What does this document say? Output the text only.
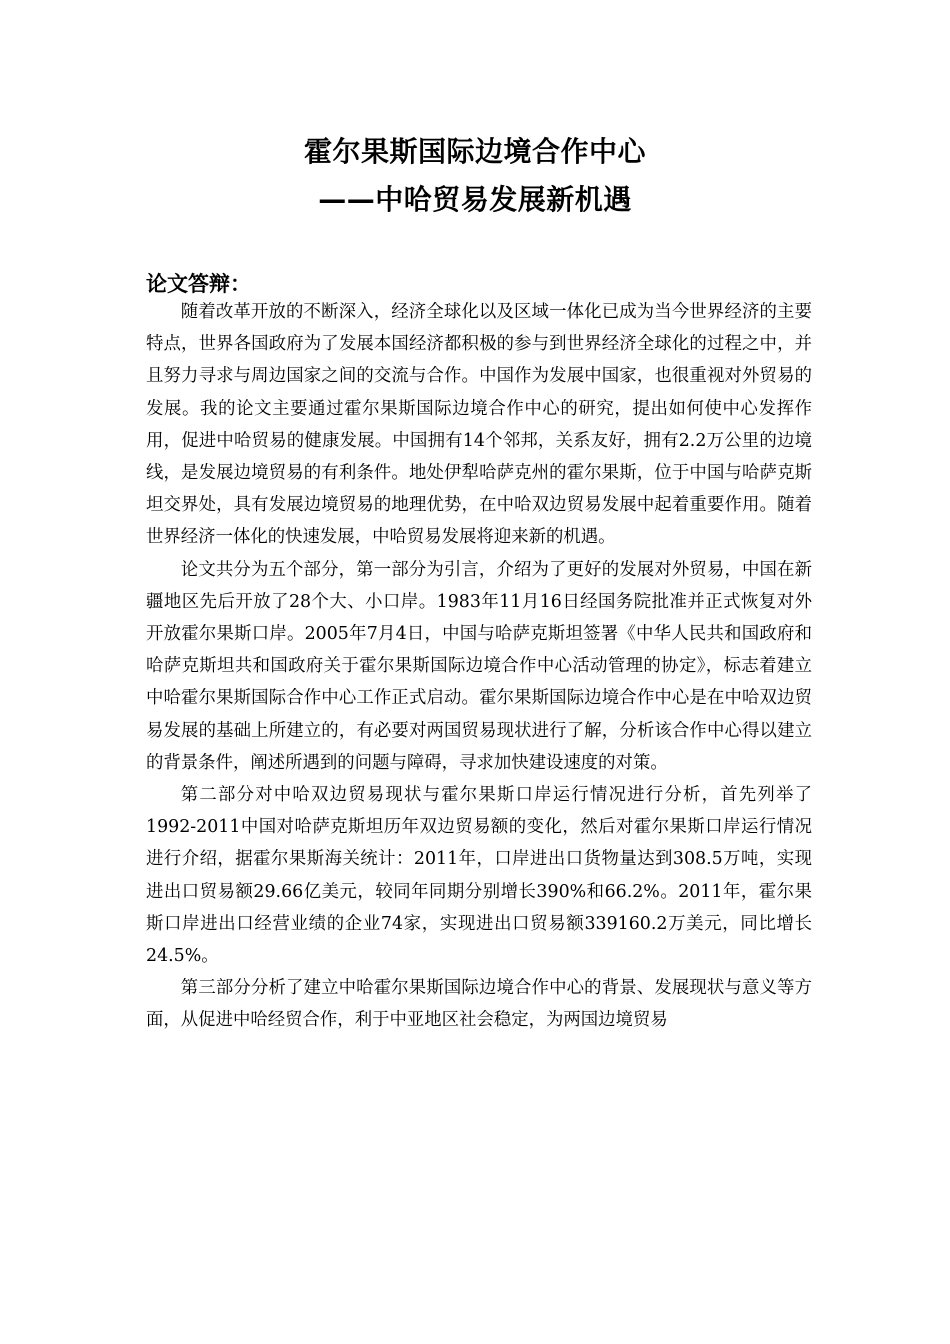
霍尔果斯国际边境合作中心
——中哈贸易发展新机遇
论文答辩：

随着改革开放的不断深入，经济全球化以及区域一体化已成为当今世界经济的主要特点，世界各国政府为了发展本国经济都积极的参与到世界经济全球化的过程之中，并且努力寻求与周边国家之间的交流与合作。中国作为发展中国家，也很重视对外贸易的发展。我的论文主要通过霍尔果斯国际边境合作中心的研究，提出如何使中心发挥作用，促进中哈贸易的健康发展。中国拥有14个邻邦，关系友好，拥有2.2万公里的边境线，是发展边境贸易的有利条件。地处伊犁哈萨克州的霍尔果斯，位于中国与哈萨克斯坦交界处，具有发展边境贸易的地理优势，在中哈双边贸易发展中起着重要作用。随着世界经济一体化的快速发展，中哈贸易发展将迎来新的机遇。

论文共分为五个部分，第一部分为引言，介绍为了更好的发展对外贸易，中国在新疆地区先后开放了28个大、小口岸。1983年11月16日经国务院批准并正式恢复对外开放霍尔果斯口岸。2005年7月4日，中国与哈萨克斯坦签署《中华人民共和国政府和哈萨克斯坦共和国政府关于霍尔果斯国际边境合作中心活动管理的协定》，标志着建立中哈霍尔果斯国际合作中心工作正式启动。霍尔果斯国际边境合作中心是在中哈双边贸易发展的基础上所建立的，有必要对两国贸易现状进行了解，分析该合作中心得以建立的背景条件，阐述所遇到的问题与障碍，寻求加快建设速度的对策。

第二部分对中哈双边贸易现状与霍尔果斯口岸运行情况进行分析，首先列举了1992-2011中国对哈萨克斯坦历年双边贸易额的变化，然后对霍尔果斯口岸运行情况进行介绍，据霍尔果斯海关统计：2011年，口岸进出口货物量达到308.5万吨，实现进出口贸易额29.66亿美元，较同年同期分别增长390%和66.2%。2011年，霍尔果斯口岸进出口经营业绩的企业74家，实现进出口贸易额339160.2万美元，同比增长24.5%。

第三部分分析了建立中哈霍尔果斯国际边境合作中心的背景、发展现状与意义等方面，从促进中哈经贸合作，利于中亚地区社会稳定，为两国边境贸易
